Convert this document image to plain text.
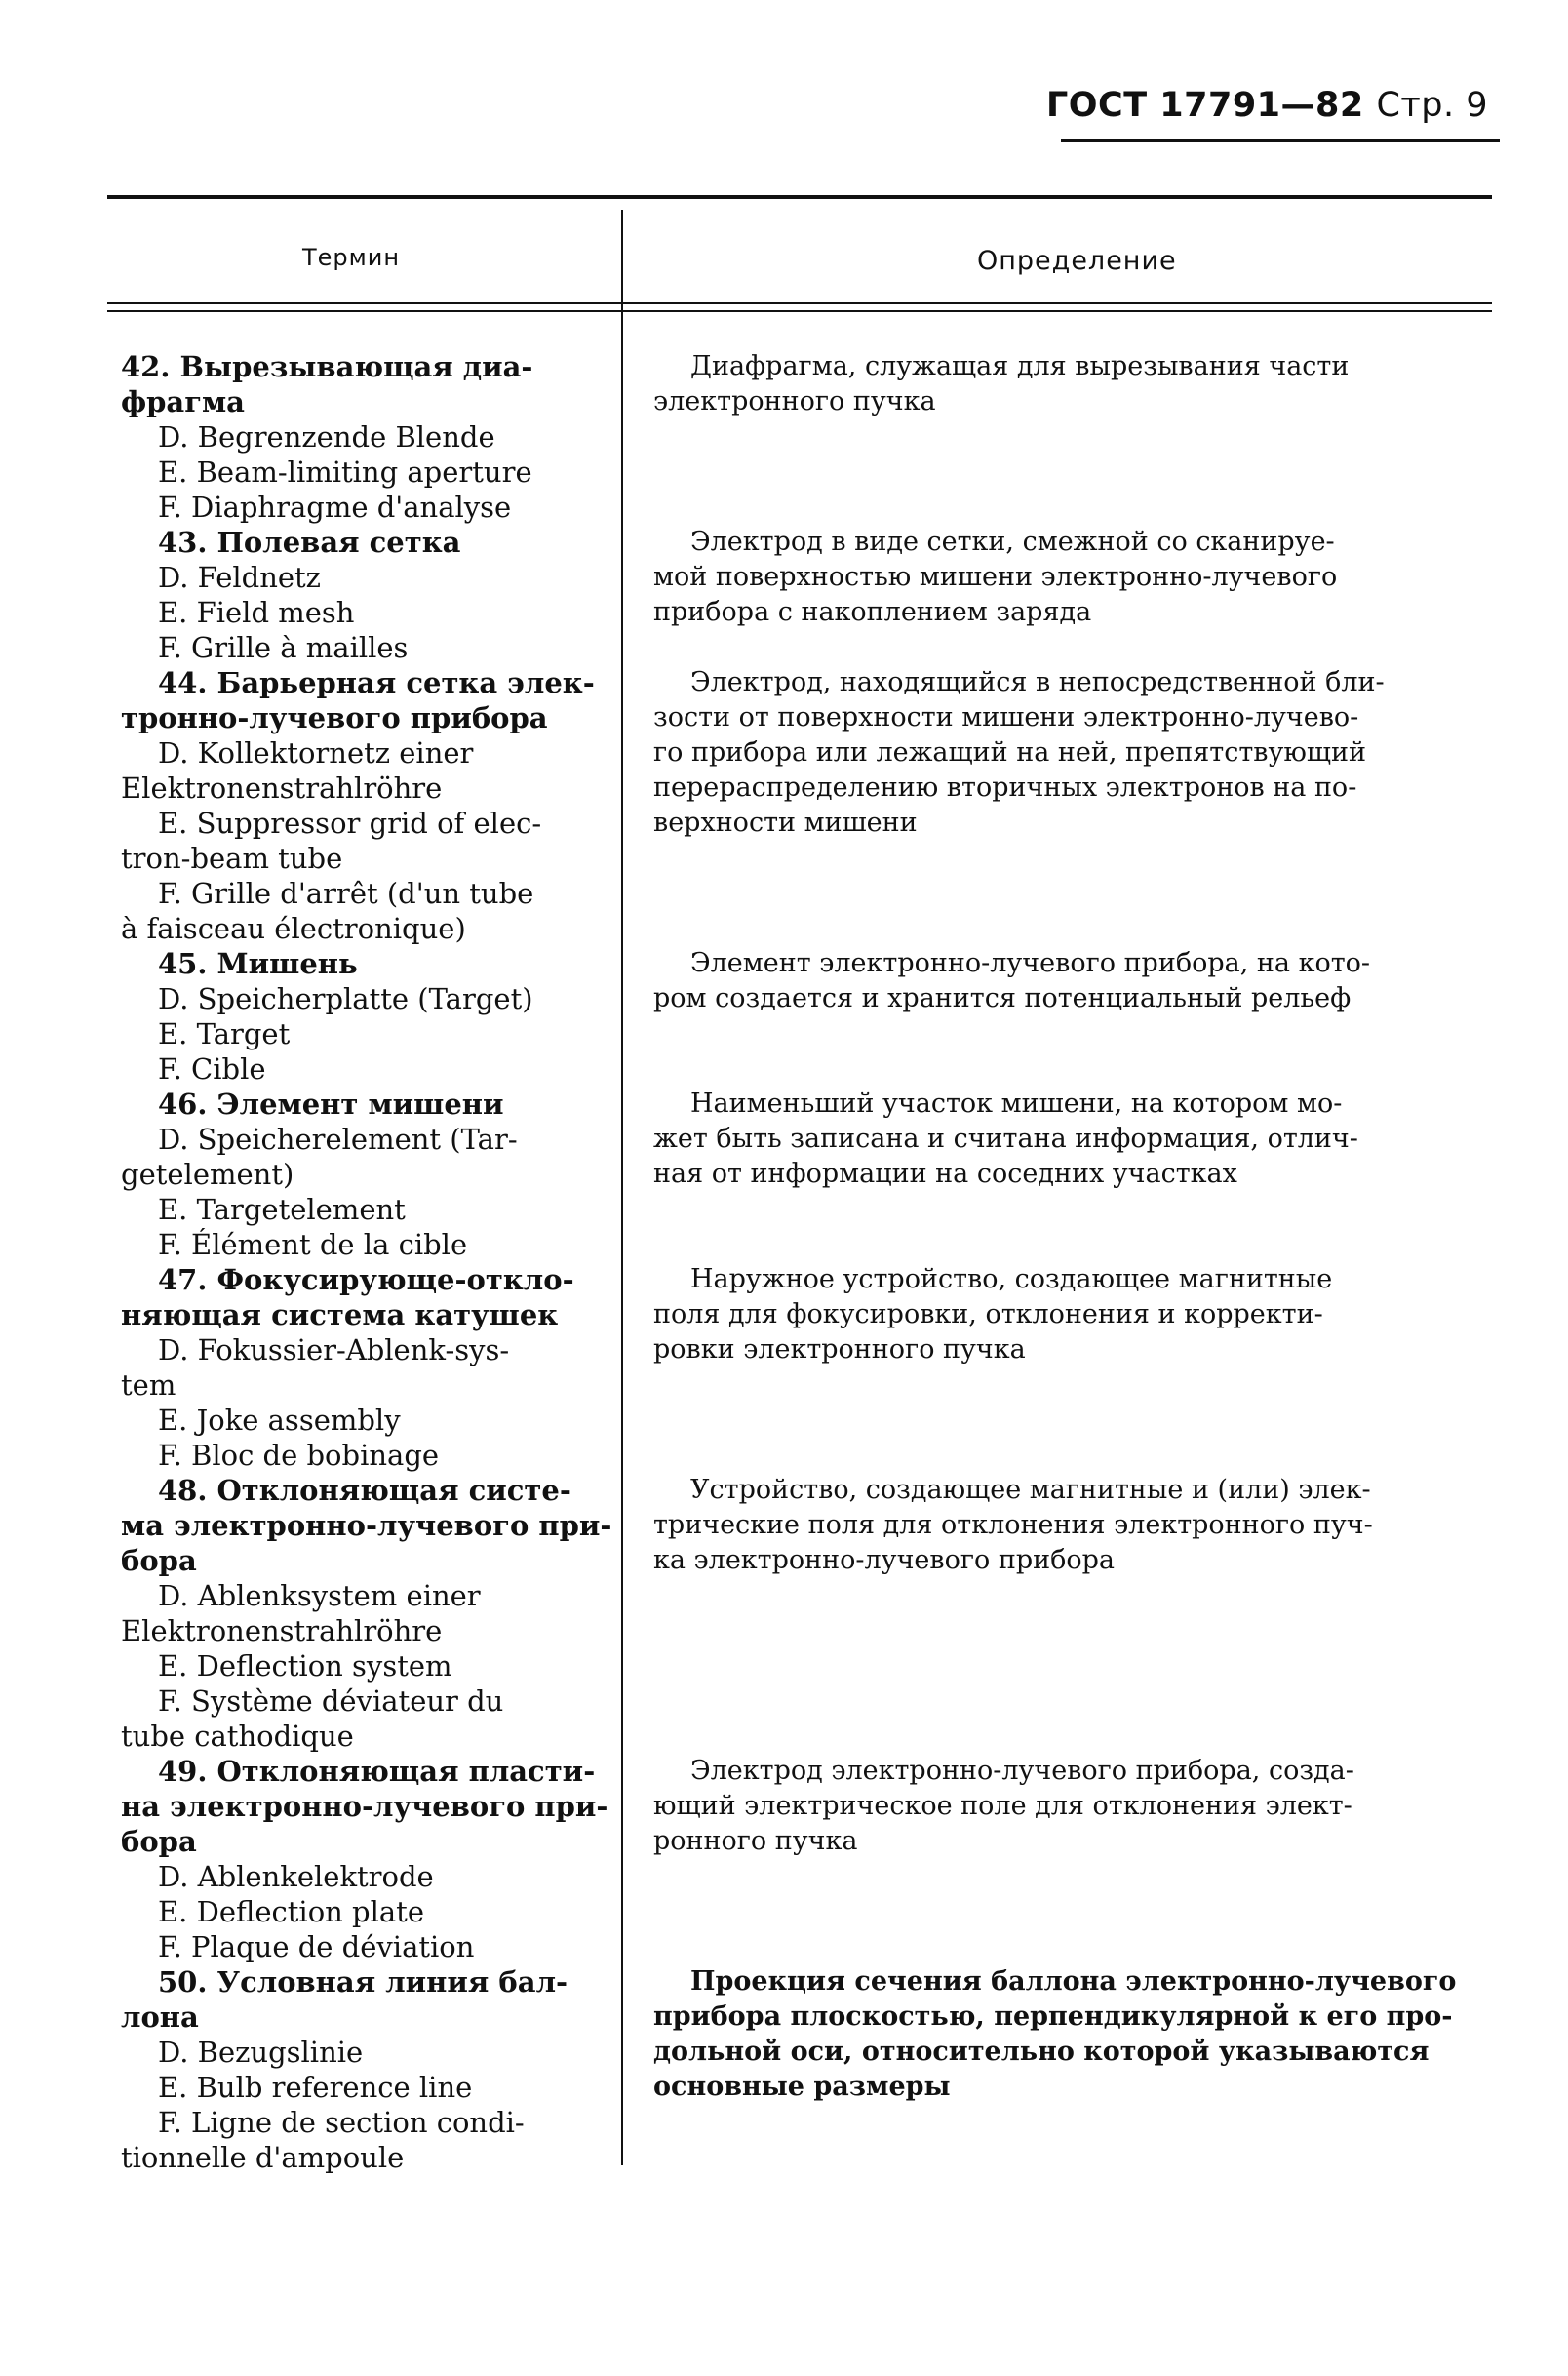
ГОСТ 17791—82 Стр. 9
Термин	Определение
42. Вырезывающая диа-
фрагма
D. Begrenzende Blende
E. Beam-limiting aperture
F. Diaphragme d'analyse
43. Полевая сетка
D. Feldnetz
E. Field mesh
F. Grille à mailles
44. Барьерная сетка элек-
тронно-лучевого прибора
D. Kollektornetz einer
Elektronenstrahlröhre
E. Suppressor grid of elec-
tron-beam tube
F. Grille d'arrêt (d'un tube
à faisceau électronique)
45. Мишень
D. Speicherplatte (Target)
E. Target
F. Cible
46. Элемент мишени
D. Speicherelement (Tar-
getelement)
E. Targetelement
F. Élément de la cible
47. Фокусирующе-откло-
няющая система катушек
D. Fokussier-Ablenk-sys-
tem
E. Joke assembly
F. Bloc de bobinage
48. Отклоняющая систе-
ма электронно-лучевого при-
бора
D. Ablenksystem einer
Elektronenstrahlröhre
E. Deflection system
F. Système déviateur du
tube cathodique
49. Отклоняющая пласти-
на электронно-лучевого при-
бора
D. Ablenkelektrode
E. Deflection plate
F. Plaque de déviation
50. Условная линия бал-
лона
D. Bezugslinie
E. Bulb reference line
F. Ligne de section condi-
tionnelle d'ampoule
Диафрагма, служащая для вырезывания части
электронного пучка
Электрод в виде сетки, смежной со сканируе-
мой поверхностью мишени электронно-лучевого
прибора с накоплением заряда
Электрод, находящийся в непосредственной бли-
зости от поверхности мишени электронно-лучево-
го прибора или лежащий на ней, препятствующий
перераспределению вторичных электронов на по-
верхности мишени
Элемент электронно-лучевого прибора, на кото-
ром создается и хранится потенциальный рельеф
Наименьший участок мишени, на котором мо-
жет быть записана и считана информация, отлич-
ная от информации на соседних участках
Наружное устройство, создающее магнитные
поля для фокусировки, отклонения и корректи-
ровки электронного пучка
Устройство, создающее магнитные и (или) элек-
трические поля для отклонения электронного пуч-
ка электронно-лучевого прибора
Электрод электронно-лучевого прибора, созда-
ющий электрическое поле для отклонения элект-
ронного пучка
Проекция сечения баллона электронно-лучевого
прибора плоскостью, перпендикулярной к его про-
дольной оси, относительно которой указываются
основные размеры
